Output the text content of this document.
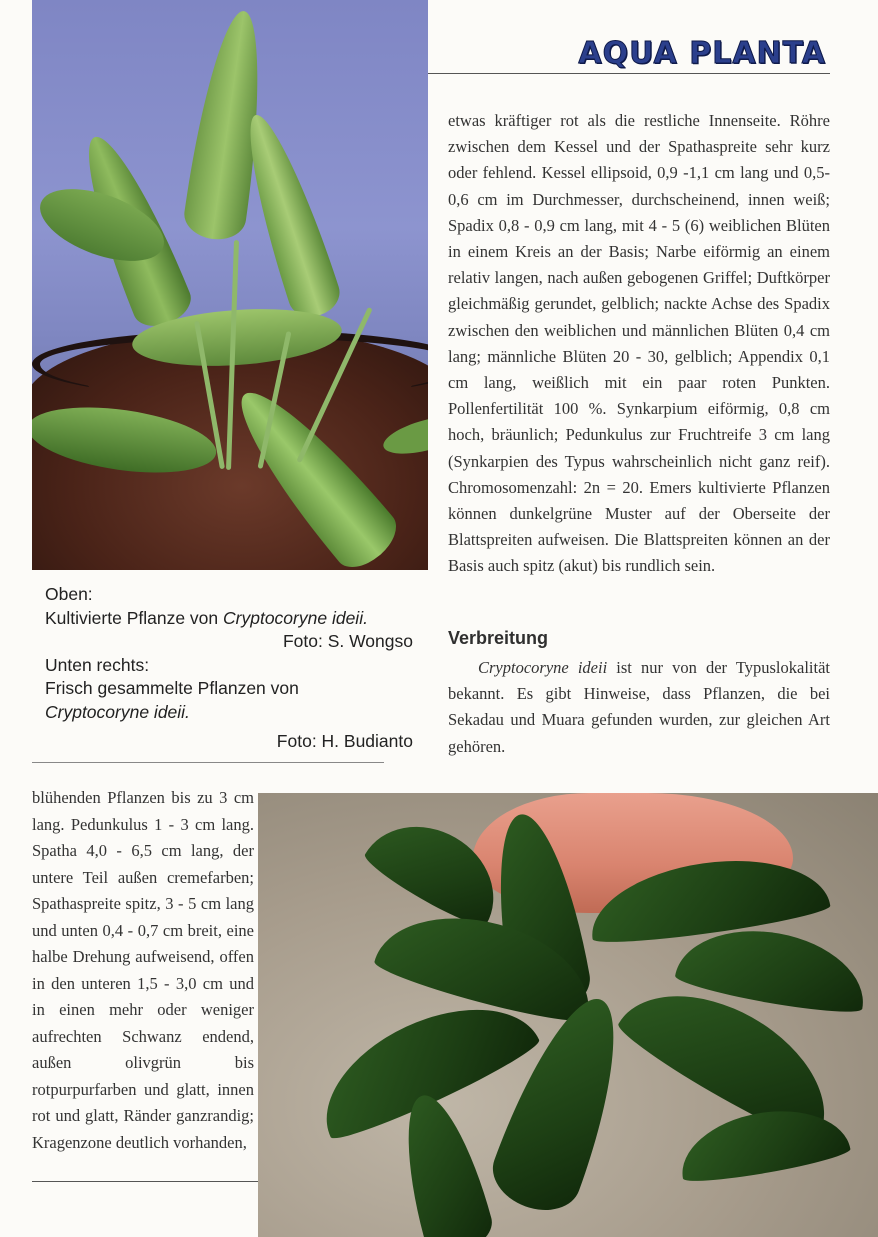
AQUA PLANTA
etwas kräftiger rot als die restliche Innenseite. Röhre zwischen dem Kessel und der Spathaspreite sehr kurz oder fehlend. Kessel ellipsoid, 0,9 -1,1 cm lang und 0,5-0,6 cm im Durchmesser, durchscheinend, innen weiß; Spadix 0,8 - 0,9 cm lang, mit 4 - 5 (6) weiblichen Blüten in einem Kreis an der Basis; Narbe eiförmig an einem relativ langen, nach außen gebogenen Griffel; Duftkörper gleichmäßig gerundet, gelblich; nackte Achse des Spadix zwischen den weiblichen und männlichen Blüten 0,4 cm lang; männliche Blüten 20 - 30, gelblich; Appendix 0,1 cm lang, weißlich mit ein paar roten Punkten. Pollenfertilität 100 %. Synkarpium eiförmig, 0,8 cm hoch, bräunlich; Pedunkulus zur Fruchtreife 3 cm lang (Synkarpien des Typus wahrscheinlich nicht ganz reif). Chromosomenzahl: 2n = 20. Emers kultivierte Pflanzen können dunkelgrüne Muster auf der Oberseite der Blattspreiten aufweisen. Die Blattspreiten können an der Basis auch spitz (akut) bis rundlich sein.
Verbreitung
Cryptocoryne ideii ist nur von der Typuslokalität bekannt. Es gibt Hinweise, dass Pflanzen, die bei Sekadau und Muara gefunden wurden, zur gleichen Art gehören.
Oben:
Kultivierte Pflanze von Cryptocoryne ideii.
Foto: S. Wongso
Unten rechts:
Frisch gesammelte Pflanzen von
Cryptocoryne ideii.
Foto: H. Budianto
blühenden Pflanzen bis zu 3 cm lang. Pedunkulus 1 - 3 cm lang. Spatha 4,0 - 6,5 cm lang, der untere Teil außen cremefarben; Spathaspreite spitz, 3 - 5 cm lang und unten 0,4 - 0,7 cm breit, eine halbe Drehung aufweisend, offen in den unteren 1,5 - 3,0 cm und in einen mehr oder weniger aufrechten Schwanz endend, außen olivgrün bis rotpurpurfarben und glatt, innen rot und glatt, Ränder ganzrandig; Kragenzone deutlich vorhanden,
